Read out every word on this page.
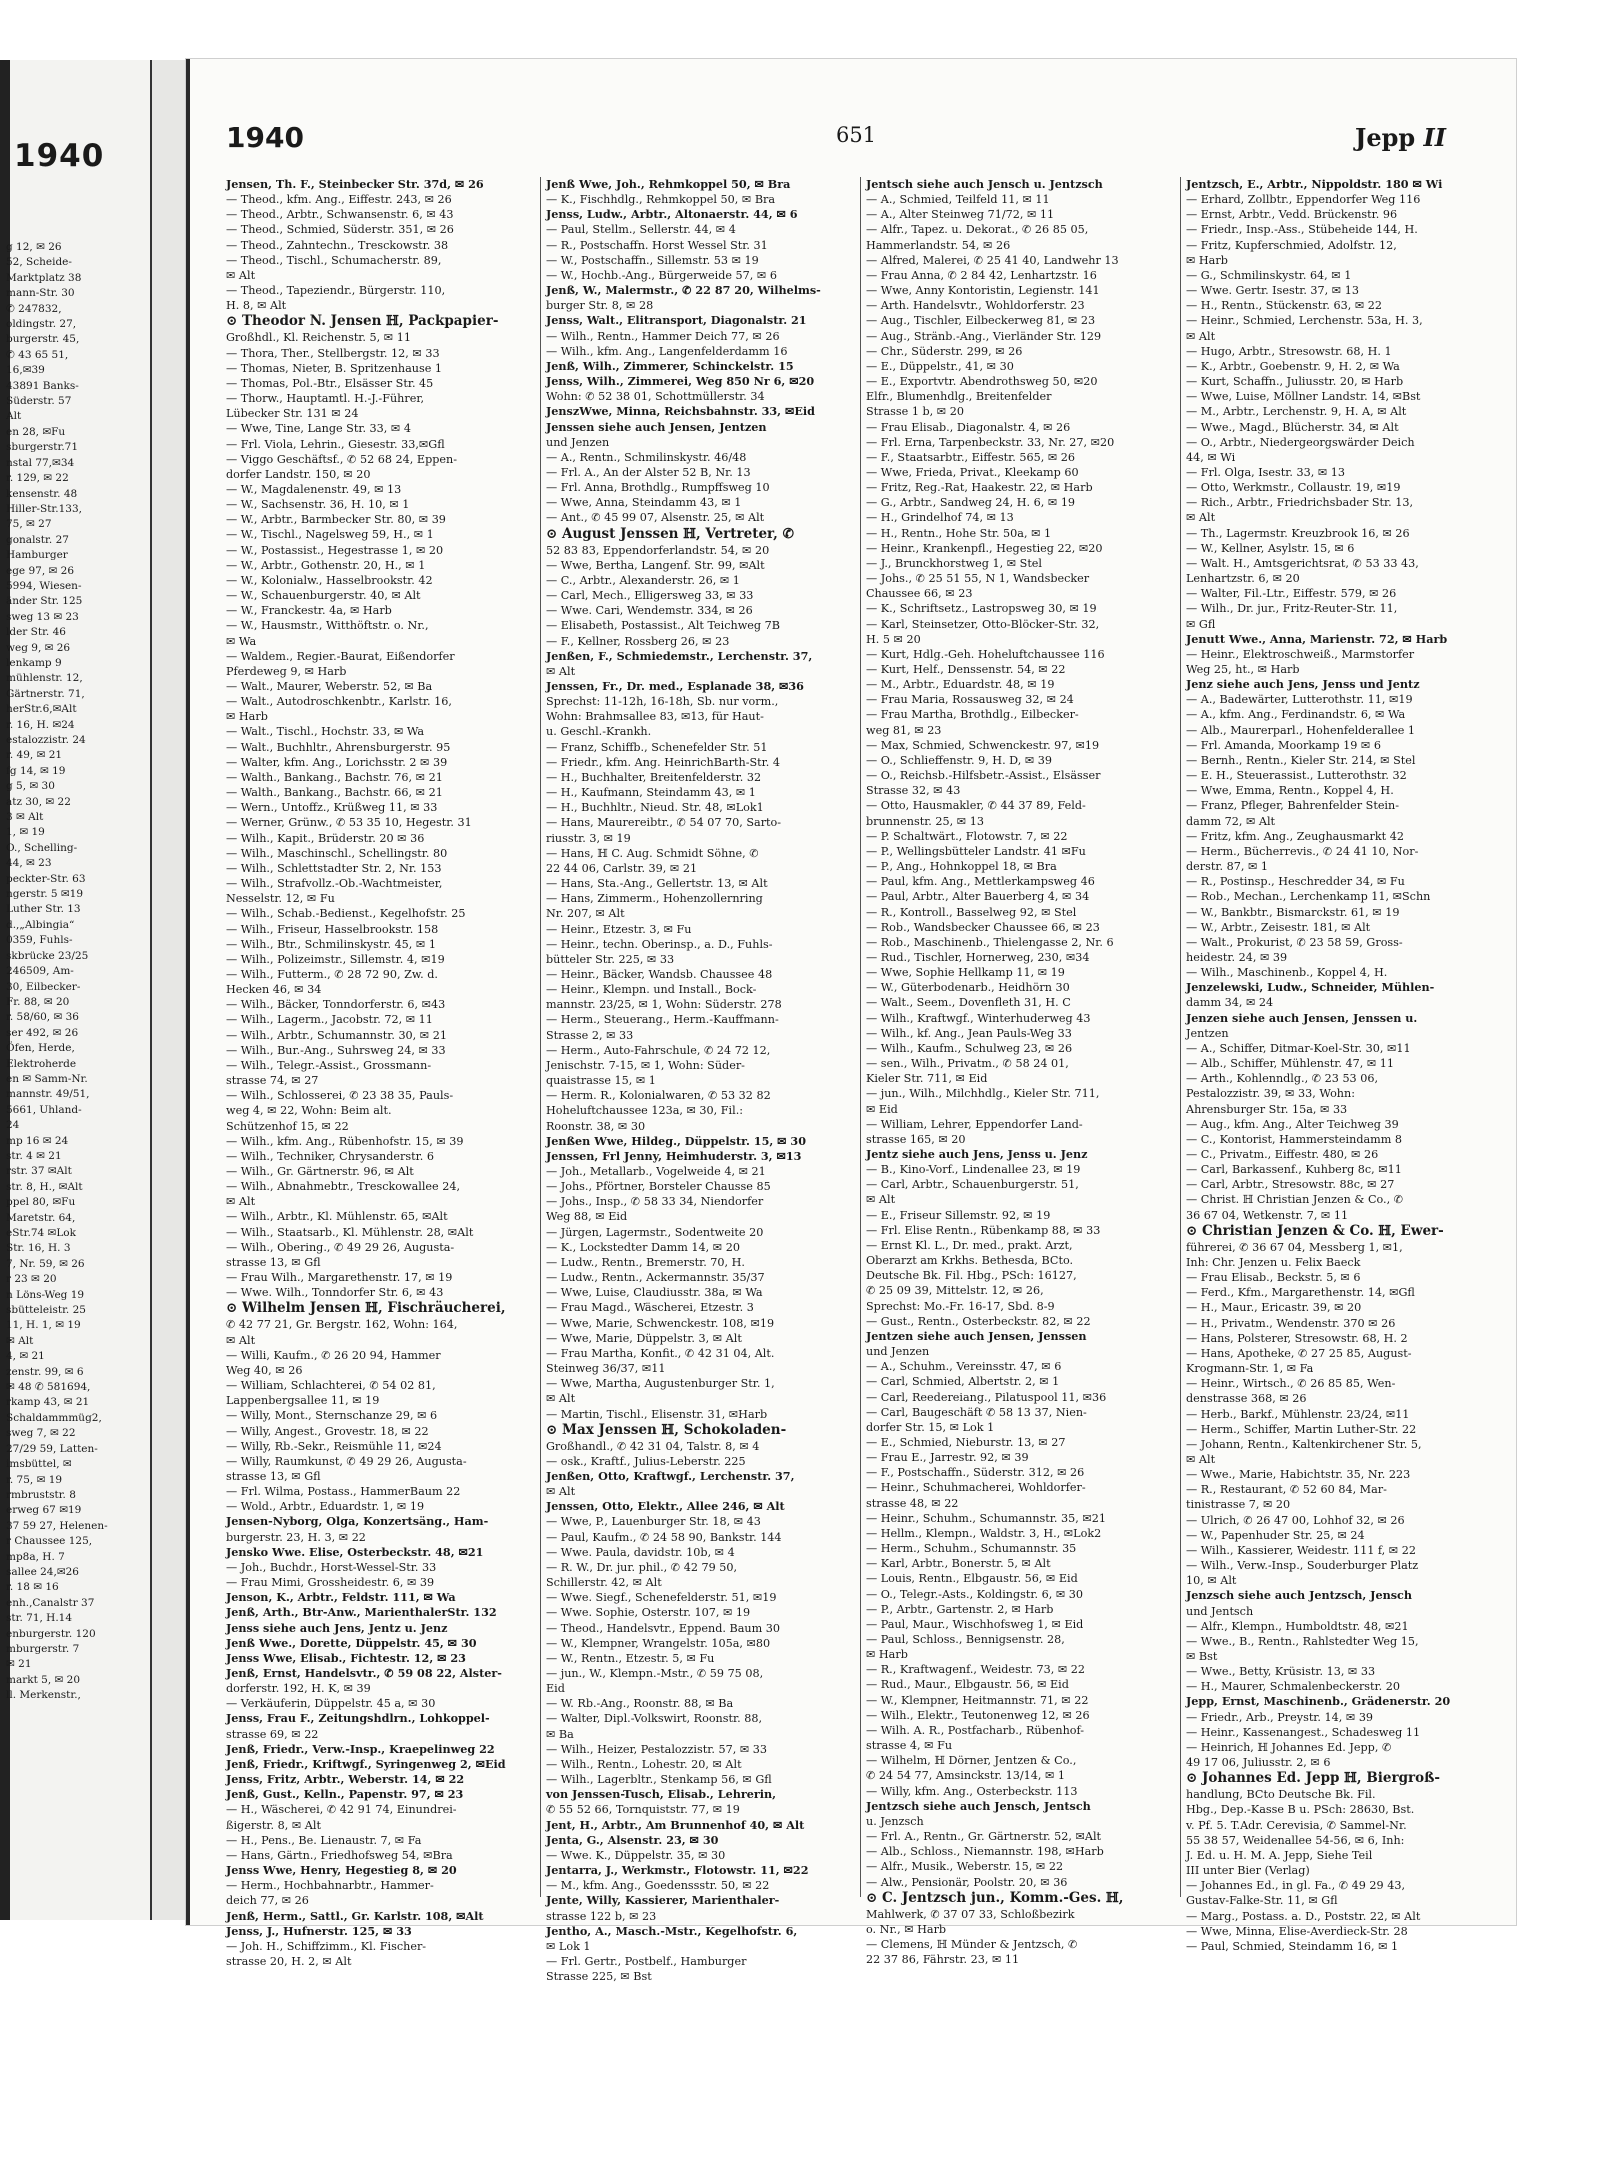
1940
g 12, ✉ 26
52, Scheide-
Marktplatz 38
mann-Str. 30
✆ 247832,
oldingstr. 27,
burgerstr. 45,
✆ 43 65 51,
16,✉39
43891 Banks-
Süderstr. 57
Alt
en 28, ✉Fu
sburgerstr.71
nstal 77,✉34
r. 129, ✉ 22
kensenstr. 48
Hiller-Str.133,
75, ✉ 27
gonalstr. 27
Hamburger
ege 97, ✉ 26
5994, Wiesen-
änder Str. 125
sweg 13 ✉ 23
lder Str. 46
weg 9, ✉ 26
lenkamp 9
mühlenstr. 12,
Gärtnerstr. 71,
herStr.6,✉Alt
r. 16, H. ✉24
estalozzistr. 24
r. 49, ✉ 21
fg 14, ✉ 19
g 5, ✉ 30
atz 30, ✉ 22
3 ✉ Alt
1, ✉ 19
O., Schelling-
44, ✉ 23
peckter-Str. 63
ngerstr. 5 ✉19
Luther Str. 13
d.,„Albingia“
0359, Fuhls-
skbrücke 23/25
246509, Am-
30, Eilbecker-
Fr. 88, ✉ 20
r. 58/60, ✉ 36
ser 492, ✉ 26
Öfen, Herde,
Elektroherde
en ✉ Samm-Nr.
mannstr. 49/51,
5661, Uhland-
24
mp 16 ✉ 24
str. 4 ✉ 21
rstr. 37 ✉Alt
str. 8, H., ✉Alt
ppel 80, ✉Fu
Maretstr. 64,
eStr.74 ✉Lok
Str. 16, H. 3
7, Nr. 59, ✉ 26
r 23 ✉ 20
n Löns-Weg 19
sbütteleistr. 25
11, H. 1, ✉ 19
✉ Alt
4, ✉ 21
zenstr. 99, ✉ 6
✉ 48 ✆ 581694,
rkamp 43, ✉ 21
Schaldammmüg2,
sweg 7, ✉ 22
27/29 59, Latten-
imsbüttel, ✉
r. 75, ✉ 19
rmbruststr. 8
erweg 67 ✉19
37 59 27, Helenen-
r Chaussee 125,
mp8a, H. 7
sallee 24,✉26
r. 18 ✉ 16
enh.,Canalstr 37
str. 71, H.14
enburgerstr. 120
mburgerstr. 7
✉ 21
markt 5, ✉ 20
ll. Merkenstr.,
1940	651	Jepp II
Jensen, Th. F., Steinbecker Str. 37d, ✉ 26
— Theod., kfm. Ang., Eiffestr. 243, ✉ 26
— Theod., Arbtr., Schwansenstr. 6, ✉ 43
— Theod., Schmied, Süderstr. 351, ✉ 26
— Theod., Zahntechn., Tresckowstr. 38
— Theod., Tischl., Schumacherstr. 89,
✉ Alt
— Theod., Tapeziendr., Bürgerstr. 110,
H. 8, ✉ Alt
⊙ Theodor N. Jensen ℍ, Packpapier-
Großhdl., Kl. Reichenstr. 5, ✉ 11
— Thora, Ther., Stellbergstr. 12, ✉ 33
— Thomas, Nieter, B. Spritzenhause 1
— Thomas, Pol.-Btr., Elsässer Str. 45
— Thorw., Hauptamtl. H.-J.-Führer,
Lübecker Str. 131 ✉ 24
— Wwe, Tine, Lange Str. 33, ✉ 4
— Frl. Viola, Lehrin., Giesestr. 33,✉Gfl
— Viggo Geschäftsf., ✆ 52 68 24, Eppen-
dorfer Landstr. 150, ✉ 20
— W., Magdalenenstr. 49, ✉ 13
— W., Sachsenstr. 36, H. 10, ✉ 1
— W., Arbtr., Barmbecker Str. 80, ✉ 39
— W., Tischl., Nagelsweg 59, H., ✉ 1
— W., Postassist., Hegestrasse 1, ✉ 20
— W., Arbtr., Gothenstr. 20, H., ✉ 1
— W., Kolonialw., Hasselbrookstr. 42
— W., Schauenburgerstr. 40, ✉ Alt
— W., Franckestr. 4a, ✉ Harb
— W., Hausmstr., Witthöftstr. o. Nr.,
✉ Wa
— Waldem., Regier.-Baurat, Eißendorfer
Pferdeweg 9, ✉ Harb
— Walt., Maurer, Weberstr. 52, ✉ Ba
— Walt., Autodroschkenbtr., Karlstr. 16,
✉ Harb
— Walt., Tischl., Hochstr. 33, ✉ Wa
— Walt., Buchhltr., Ahrensburgerstr. 95
— Walter, kfm. Ang., Lorichsstr. 2 ✉ 39
— Walth., Bankang., Bachstr. 76, ✉ 21
— Walth., Bankang., Bachstr. 66, ✉ 21
— Wern., Untoffz., Krüßweg 11, ✉ 33
— Werner, Grünw., ✆ 53 35 10, Hegestr. 31
— Wilh., Kapit., Brüderstr. 20 ✉ 36
— Wilh., Maschinschl., Schellingstr. 80
— Wilh., Schlettstadter Str. 2, Nr. 153
— Wilh., Strafvollz.-Ob.-Wachtmeister,
Nesselstr. 12, ✉ Fu
— Wilh., Schab.-Bedienst., Kegelhofstr. 25
— Wilh., Friseur, Hasselbrookstr. 158
— Wilh., Btr., Schmilinskystr. 45, ✉ 1
— Wilh., Polizeimstr., Sillemstr. 4, ✉19
— Wilh., Futterm., ✆ 28 72 90, Zw. d.
Hecken 46, ✉ 34
— Wilh., Bäcker, Tonndorferstr. 6, ✉43
— Wilh., Lagerm., Jacobstr. 72, ✉ 11
— Wilh., Arbtr., Schumannstr. 30, ✉ 21
— Wilh., Bur.-Ang., Suhrsweg 24, ✉ 33
— Wilh., Telegr.-Assist., Grossmann-
strasse 74, ✉ 27
— Wilh., Schlosserei, ✆ 23 38 35, Pauls-
weg 4, ✉ 22, Wohn: Beim alt.
Schützenhof 15, ✉ 22
— Wilh., kfm. Ang., Rübenhofstr. 15, ✉ 39
— Wilh., Techniker, Chrysanderstr. 6
— Wilh., Gr. Gärtnerstr. 96, ✉ Alt
— Wilh., Abnahmebtr., Tresckowallee 24,
✉ Alt
— Wilh., Arbtr., Kl. Mühlenstr. 65, ✉Alt
— Wilh., Staatsarb., Kl. Mühlenstr. 28, ✉Alt
— Wilh., Obering., ✆ 49 29 26, Augusta-
strasse 13, ✉ Gfl
— Frau Wilh., Margarethenstr. 17, ✉ 19
— Wwe. Wilh., Tonndorfer Str. 6, ✉ 43
⊙ Wilhelm Jensen ℍ, Fischräucherei,
✆ 42 77 21, Gr. Bergstr. 162, Wohn: 164,
✉ Alt
— Willi, Kaufm., ✆ 26 20 94, Hammer
Weg 40, ✉ 26
— William, Schlachterei, ✆ 54 02 81,
Lappenbergsallee 11, ✉ 19
— Willy, Mont., Sternschanze 29, ✉ 6
— Willy, Angest., Grovestr. 18, ✉ 22
— Willy, Rb.-Sekr., Reismühle 11, ✉24
— Willy, Raumkunst, ✆ 49 29 26, Augusta-
strasse 13, ✉ Gfl
— Frl. Wilma, Postass., HammerBaum 22
— Wold., Arbtr., Eduardstr. 1, ✉ 19
Jensen-Nyborg, Olga, Konzertsäng., Ham-
burgerstr. 23, H. 3, ✉ 22
Jensko Wwe. Elise, Osterbeckstr. 48, ✉21
— Joh., Buchdr., Horst-Wessel-Str. 33
— Frau Mimi, Grossheidestr. 6, ✉ 39
Jenson, K., Arbtr., Feldstr. 111, ✉ Wa
Jenß, Arth., Btr-Anw., MarienthalerStr. 132
Jenss siehe auch Jens, Jentz u. Jenz
Jenß Wwe., Dorette, Düppelstr. 45, ✉ 30
Jenss Wwe, Elisab., Fichtestr. 12, ✉ 23
Jenß, Ernst, Handelsvtr., ✆ 59 08 22, Alster-
dorferstr. 192, H. K, ✉ 39
— Verkäuferin, Düppelstr. 45 a, ✉ 30
Jenss, Frau F., Zeitungshdlrn., Lohkoppel-
strasse 69, ✉ 22
Jenß, Friedr., Verw.-Insp., Kraepelinweg 22
Jenß, Friedr., Kriftwgf., Syringenweg 2, ✉Eid
Jenss, Fritz, Arbtr., Weberstr. 14, ✉ 22
Jenß, Gust., Kelln., Papenstr. 97, ✉ 23
— H., Wäscherei, ✆ 42 91 74, Einundrei-
ßigerstr. 8, ✉ Alt
— H., Pens., Be. Lienaustr. 7, ✉ Fa
— Hans, Gärtn., Friedhofsweg 54, ✉Bra
Jenss Wwe, Henry, Hegestieg 8, ✉ 20
— Herm., Hochbahnarbtr., Hammer-
deich 77, ✉ 26
Jenß, Herm., Sattl., Gr. Karlstr. 108, ✉Alt
Jenss, J., Hufnerstr. 125, ✉ 33
— Joh. H., Schiffzimm., Kl. Fischer-
strasse 20, H. 2, ✉ Alt
Jenß Wwe, Joh., Rehmkoppel 50, ✉ Bra
— K., Fischhdlg., Rehmkoppel 50, ✉ Bra
Jenss, Ludw., Arbtr., Altonaerstr. 44, ✉ 6
— Paul, Stellm., Sellerstr. 44, ✉ 4
— R., Postschaffn. Horst Wessel Str. 31
— W., Postschaffn., Sillemstr. 53 ✉ 19
— W., Hochb.-Ang., Bürgerweide 57, ✉ 6
Jenß, W., Malermstr., ✆ 22 87 20, Wilhelms-
burger Str. 8, ✉ 28
Jenss, Walt., Elitransport, Diagonalstr. 21
— Wilh., Rentn., Hammer Deich 77, ✉ 26
— Wilh., kfm. Ang., Langenfelderdamm 16
Jenß, Wilh., Zimmerer, Schinckelstr. 15
Jenss, Wilh., Zimmerei, Weg 850 Nr 6, ✉20
Wohn: ✆ 52 38 01, Schottmüllerstr. 34
JenszWwe, Minna, Reichsbahnstr. 33, ✉Eid
Jenssen siehe auch Jensen, Jentzen
und Jenzen
— A., Rentn., Schmilinskystr. 46/48
— Frl. A., An der Alster 52 B, Nr. 13
— Frl. Anna, Brothdlg., Rumpffsweg 10
— Wwe, Anna, Steindamm 43, ✉ 1
— Ant., ✆ 45 99 07, Alsenstr. 25, ✉ Alt
⊙ August Jenssen ℍ, Vertreter, ✆
52 83 83, Eppendorferlandstr. 54, ✉ 20
— Wwe, Bertha, Langenf. Str. 99, ✉Alt
— C., Arbtr., Alexanderstr. 26, ✉ 1
— Carl, Mech., Elligersweg 33, ✉ 33
— Wwe. Cari, Wendemstr. 334, ✉ 26
— Elisabeth, Postassist., Alt Teichweg 7B
— F., Kellner, Rossberg 26, ✉ 23
Jenßen, F., Schmiedemstr., Lerchenstr. 37,
✉ Alt
Jenssen, Fr., Dr. med., Esplanade 38, ✉36
Sprechst: 11-12h, 16-18h, Sb. nur vorm.,
Wohn: Brahmsallee 83, ✉13, für Haut-
u. Geschl.-Krankh.
— Franz, Schiffb., Schenefelder Str. 51
— Friedr., kfm. Ang. HeinrichBarth-Str. 4
— H., Buchhalter, Breitenfelderstr. 32
— H., Kaufmann, Steindamm 43, ✉ 1
— H., Buchhltr., Nieud. Str. 48, ✉Lok1
— Hans, Maurereibtr., ✆ 54 07 70, Sarto-
riusstr. 3, ✉ 19
— Hans, ℍ C. Aug. Schmidt Söhne, ✆
22 44 06, Carlstr. 39, ✉ 21
— Hans, Sta.-Ang., Gellertstr. 13, ✉ Alt
— Hans, Zimmerm., Hohenzollernring
Nr. 207, ✉ Alt
— Heinr., Etzestr. 3, ✉ Fu
— Heinr., techn. Oberinsp., a. D., Fuhls-
bütteler Str. 225, ✉ 33
— Heinr., Bäcker, Wandsb. Chaussee 48
— Heinr., Klempn. und Install., Bock-
mannstr. 23/25, ✉ 1, Wohn: Süderstr. 278
— Herm., Steuerang., Herm.-Kauffmann-
Strasse 2, ✉ 33
— Herm., Auto-Fahrschule, ✆ 24 72 12,
Jenischstr. 7-15, ✉ 1, Wohn: Süder-
quaistrasse 15, ✉ 1
— Herm. R., Kolonialwaren, ✆ 53 32 82
Hoheluftchaussee 123a, ✉ 30, Fil.:
Roonstr. 38, ✉ 30
Jenßen Wwe, Hildeg., Düppelstr. 15, ✉ 30
Jenssen, Frl Jenny, Heimhuderstr. 3, ✉13
— Joh., Metallarb., Vogelweide 4, ✉ 21
— Johs., Pförtner, Borsteler Chausse 85
— Johs., Insp., ✆ 58 33 34, Niendorfer
Weg 88, ✉ Eid
— Jürgen, Lagermstr., Sodentweite 20
— K., Lockstedter Damm 14, ✉ 20
— Ludw., Rentn., Bremerstr. 70, H.
— Ludw., Rentn., Ackermannstr. 35/37
— Wwe, Luise, Claudiusstr. 38a, ✉ Wa
— Frau Magd., Wäscherei, Etzestr. 3
— Wwe, Marie, Schwenckestr. 108, ✉19
— Wwe, Marie, Düppelstr. 3, ✉ Alt
— Frau Martha, Konfit., ✆ 42 31 04, Alt.
Steinweg 36/37, ✉11
— Wwe, Martha, Augustenburger Str. 1,
✉ Alt
— Martin, Tischl., Elisenstr. 31, ✉Harb
⊙ Max Jenssen ℍ, Schokoladen-
Großhandl., ✆ 42 31 04, Talstr. 8, ✉ 4
— osk., Kraftf., Julius-Leberstr. 225
Jenßen, Otto, Kraftwgf., Lerchenstr. 37,
✉ Alt
Jenssen, Otto, Elektr., Allee 246, ✉ Alt
— Wwe, P., Lauenburger Str. 18, ✉ 43
— Paul, Kaufm., ✆ 24 58 90, Bankstr. 144
— Wwe. Paula, davidstr. 10b, ✉ 4
— R. W., Dr. jur. phil., ✆ 42 79 50,
Schillerstr. 42, ✉ Alt
— Wwe. Siegf., Schenefelderstr. 51, ✉19
— Wwe. Sophie, Osterstr. 107, ✉ 19
— Theod., Handelsvtr., Eppend. Baum 30
— W., Klempner, Wrangelstr. 105a, ✉80
— W., Rentn., Etzestr. 5, ✉ Fu
— jun., W., Klempn.-Mstr., ✆ 59 75 08,
Eid
— W. Rb.-Ang., Roonstr. 88, ✉ Ba
— Walter, Dipl.-Volkswirt, Roonstr. 88,
✉ Ba
— Wilh., Heizer, Pestalozzistr. 57, ✉ 33
— Wilh., Rentn., Lohestr. 20, ✉ Alt
— Wilh., Lagerbltr., Stenkamp 56, ✉ Gfl
von Jenssen-Tusch, Elisab., Lehrerin,
✆ 55 52 66, Tornquiststr. 77, ✉ 19
Jent, H., Arbtr., Am Brunnenhof 40, ✉ Alt
Jenta, G., Alsenstr. 23, ✉ 30
— Wwe. K., Düppelstr. 35, ✉ 30
Jentarra, J., Werkmstr., Flotowstr. 11, ✉22
— M., kfm. Ang., Goedenssstr. 50, ✉ 22
Jente, Willy, Kassierer, Marienthaler-
strasse 122 b, ✉ 23
Jentho, A., Masch.-Mstr., Kegelhofstr. 6,
✉ Lok 1
— Frl. Gertr., Postbelf., Hamburger
Strasse 225, ✉ Bst
Jentsch siehe auch Jensch u. Jentzsch
— A., Schmied, Teilfeld 11, ✉ 11
— A., Alter Steinweg 71/72, ✉ 11
— Alfr., Tapez. u. Dekorat., ✆ 26 85 05,
Hammerlandstr. 54, ✉ 26
— Alfred, Malerei, ✆ 25 41 40, Landwehr 13
— Frau Anna, ✆ 2 84 42, Lenhartzstr. 16
— Wwe, Anny Kontoristin, Legienstr. 141
— Arth. Handelsvtr., Wohldorferstr. 23
— Aug., Tischler, Eilbeckerweg 81, ✉ 23
— Aug., Stränb.-Ang., Vierländer Str. 129
— Chr., Süderstr. 299, ✉ 26
— E., Düppelstr., 41, ✉ 30
— E., Exportvtr. Abendrothsweg 50, ✉20
Elfr., Blumenhdlg., Breitenfelder
Strasse 1 b, ✉ 20
— Frau Elisab., Diagonalstr. 4, ✉ 26
— Frl. Erna, Tarpenbeckstr. 33, Nr. 27, ✉20
— F., Staatsarbtr., Eiffestr. 565, ✉ 26
— Wwe, Frieda, Privat., Kleekamp 60
— Fritz, Reg.-Rat, Haakestr. 22, ✉ Harb
— G., Arbtr., Sandweg 24, H. 6, ✉ 19
— H., Grindelhof 74, ✉ 13
— H., Rentn., Hohe Str. 50a, ✉ 1
— Heinr., Krankenpfl., Hegestieg 22, ✉20
— J., Brunckhorstweg 1, ✉ Stel
— Johs., ✆ 25 51 55, N 1, Wandsbecker
Chaussee 66, ✉ 23
— K., Schriftsetz., Lastropsweg 30, ✉ 19
— Karl, Steinsetzer, Otto-Blöcker-Str. 32,
H. 5 ✉ 20
— Kurt, Hdlg.-Geh. Hoheluftchaussee 116
— Kurt, Helf., Denssenstr. 54, ✉ 22
— M., Arbtr., Eduardstr. 48, ✉ 19
— Frau Maria, Rossausweg 32, ✉ 24
— Frau Martha, Brothdlg., Eilbecker-
weg 81, ✉ 23
— Max, Schmied, Schwenckestr. 97, ✉19
— O., Schlieffenstr. 9, H. D, ✉ 39
— O., Reichsb.-Hilfsbetr.-Assist., Elsässer
Strasse 32, ✉ 43
— Otto, Hausmakler, ✆ 44 37 89, Feld-
brunnenstr. 25, ✉ 13
— P. Schaltwärt., Flotowstr. 7, ✉ 22
— P., Wellingsbütteler Landstr. 41 ✉Fu
— P., Ang., Hohnkoppel 18, ✉ Bra
— Paul, kfm. Ang., Mettlerkampsweg 46
— Paul, Arbtr., Alter Bauerberg 4, ✉ 34
— R., Kontroll., Basselweg 92, ✉ Stel
— Rob., Wandsbecker Chaussee 66, ✉ 23
— Rob., Maschinenb., Thielengasse 2, Nr. 6
— Rud., Tischler, Hornerweg, 230, ✉34
— Wwe, Sophie Hellkamp 11, ✉ 19
— W., Güterbodenarb., Heidhörn 30
— Walt., Seem., Dovenfleth 31, H. C
— Wilh., Kraftwgf., Winterhuderweg 43
— Wilh., kf. Ang., Jean Pauls-Weg 33
— Wilh., Kaufm., Schulweg 23, ✉ 26
— sen., Wilh., Privatm., ✆ 58 24 01,
Kieler Str. 711, ✉ Eid
— jun., Wilh., Milchhdlg., Kieler Str. 711,
✉ Eid
— William, Lehrer, Eppendorfer Land-
strasse 165, ✉ 20
Jentz siehe auch Jens, Jenss u. Jenz
— B., Kino-Vorf., Lindenallee 23, ✉ 19
— Carl, Arbtr., Schauenburgerstr. 51,
✉ Alt
— E., Friseur Sillemstr. 92, ✉ 19
— Frl. Elise Rentn., Rübenkamp 88, ✉ 33
— Ernst Kl. L., Dr. med., prakt. Arzt,
Oberarzt am Krkhs. Bethesda, BCto.
Deutsche Bk. Fil. Hbg., PSch: 16127,
✆ 25 09 39, Mittelstr. 12, ✉ 26,
Sprechst: Mo.-Fr. 16-17, Sbd. 8-9
— Gust., Rentn., Osterbeckstr. 82, ✉ 22
Jentzen siehe auch Jensen, Jenssen
und Jenzen
— A., Schuhm., Vereinsstr. 47, ✉ 6
— Carl, Schmied, Albertstr. 2, ✉ 1
— Carl, Reedereiang., Pilatuspool 11, ✉36
— Carl, Baugeschäft ✆ 58 13 37, Nien-
dorfer Str. 15, ✉ Lok 1
— E., Schmied, Nieburstr. 13, ✉ 27
— Frau E., Jarrestr. 92, ✉ 39
— F., Postschaffn., Süderstr. 312, ✉ 26
— Heinr., Schuhmacherei, Wohldorfer-
strasse 48, ✉ 22
— Heinr., Schuhm., Schumannstr. 35, ✉21
— Hellm., Klempn., Waldstr. 3, H., ✉Lok2
— Herm., Schuhm., Schumannstr. 35
— Karl, Arbtr., Bonerstr. 5, ✉ Alt
— Louis, Rentn., Elbgaustr. 56, ✉ Eid
— O., Telegr.-Asts., Koldingstr. 6, ✉ 30
— P., Arbtr., Gartenstr. 2, ✉ Harb
— Paul, Maur., Wischhofsweg 1, ✉ Eid
— Paul, Schloss., Bennigsenstr. 28,
✉ Harb
— R., Kraftwagenf., Weidestr. 73, ✉ 22
— Rud., Maur., Elbgaustr. 56, ✉ Eid
— W., Klempner, Heitmannstr. 71, ✉ 22
— Wilh., Elektr., Teutonenweg 12, ✉ 26
— Wilh. A. R., Postfacharb., Rübenhof-
strasse 4, ✉ Fu
— Wilhelm, ℍ Dörner, Jentzen & Co.,
✆ 24 54 77, Amsinckstr. 13/14, ✉ 1
— Willy, kfm. Ang., Osterbeckstr. 113
Jentzsch siehe auch Jensch, Jentsch
u. Jenzsch
— Frl. A., Rentn., Gr. Gärtnerstr. 52, ✉Alt
— Alb., Schloss., Niemannstr. 198, ✉Harb
— Alfr., Musik., Weberstr. 15, ✉ 22
— Alw., Pensionär, Poolstr. 20, ✉ 36
⊙ C. Jentzsch jun., Komm.-Ges. ℍ,
Mahlwerk, ✆ 37 07 33, Schloßbezirk
o. Nr., ✉ Harb
— Clemens, ℍ Münder & Jentzsch, ✆
22 37 86, Fährstr. 23, ✉ 11
Jentzsch, E., Arbtr., Nippoldstr. 180 ✉ Wi
— Erhard, Zollbtr., Eppendorfer Weg 116
— Ernst, Arbtr., Vedd. Brückenstr. 96
— Friedr., Insp.-Ass., Stübeheide 144, H.
— Fritz, Kupferschmied, Adolfstr. 12,
✉ Harb
— G., Schmilinskystr. 64, ✉ 1
— Wwe. Gertr. Isestr. 37, ✉ 13
— H., Rentn., Stückenstr. 63, ✉ 22
— Heinr., Schmied, Lerchenstr. 53a, H. 3,
✉ Alt
— Hugo, Arbtr., Stresowstr. 68, H. 1
— K., Arbtr., Goebenstr. 9, H. 2, ✉ Wa
— Kurt, Schaffn., Juliusstr. 20, ✉ Harb
— Wwe, Luise, Möllner Landstr. 14, ✉Bst
— M., Arbtr., Lerchenstr. 9, H. A, ✉ Alt
— Wwe., Magd., Blücherstr. 34, ✉ Alt
— O., Arbtr., Niedergeorgswärder Deich
44, ✉ Wi
— Frl. Olga, Isestr. 33, ✉ 13
— Otto, Werkmstr., Collaustr. 19, ✉19
— Rich., Arbtr., Friedrichsbader Str. 13,
✉ Alt
— Th., Lagermstr. Kreuzbrook 16, ✉ 26
— W., Kellner, Asylstr. 15, ✉ 6
— Walt. H., Amtsgerichtsrat, ✆ 53 33 43,
Lenhartzstr. 6, ✉ 20
— Walter, Fil.-Ltr., Eiffestr. 579, ✉ 26
— Wilh., Dr. jur., Fritz-Reuter-Str. 11,
✉ Gfl
Jenutt Wwe., Anna, Marienstr. 72, ✉ Harb
— Heinr., Elektroschweiß., Marmstorfer
Weg 25, ht., ✉ Harb
Jenz siehe auch Jens, Jenss und Jentz
— A., Badewärter, Lutterothstr. 11, ✉19
— A., kfm. Ang., Ferdinandstr. 6, ✉ Wa
— Alb., Maurerparl., Hohenfelderallee 1
— Frl. Amanda, Moorkamp 19 ✉ 6
— Bernh., Rentn., Kieler Str. 214, ✉ Stel
— E. H., Steuerassist., Lutterothstr. 32
— Wwe, Emma, Rentn., Koppel 4, H.
— Franz, Pfleger, Bahrenfelder Stein-
damm 72, ✉ Alt
— Fritz, kfm. Ang., Zeughausmarkt 42
— Herm., Bücherrevis., ✆ 24 41 10, Nor-
derstr. 87, ✉ 1
— R., Postinsp., Heschredder 34, ✉ Fu
— Rob., Mechan., Lerchenkamp 11, ✉Schn
— W., Bankbtr., Bismarckstr. 61, ✉ 19
— W., Arbtr., Zeisestr. 181, ✉ Alt
— Walt., Prokurist, ✆ 23 58 59, Gross-
heidestr. 24, ✉ 39
— Wilh., Maschinenb., Koppel 4, H.
Jenzelewski, Ludw., Schneider, Mühlen-
damm 34, ✉ 24
Jenzen siehe auch Jensen, Jenssen u.
Jentzen
— A., Schiffer, Ditmar-Koel-Str. 30, ✉11
— Alb., Schiffer, Mühlenstr. 47, ✉ 11
— Arth., Kohlenndlg., ✆ 23 53 06,
Pestalozzistr. 39, ✉ 33, Wohn:
Ahrensburger Str. 15a, ✉ 33
— Aug., kfm. Ang., Alter Teichweg 39
— C., Kontorist, Hammersteindamm 8
— C., Privatm., Eiffestr. 480, ✉ 26
— Carl, Barkassenf., Kuhberg 8c, ✉11
— Carl, Arbtr., Stresowstr. 88c, ✉ 27
— Christ. ℍ Christian Jenzen & Co., ✆
36 67 04, Wetkenstr. 7, ✉ 11
⊙ Christian Jenzen & Co. ℍ, Ewer-
führerei, ✆ 36 67 04, Messberg 1, ✉1,
Inh: Chr. Jenzen u. Felix Baeck
— Frau Elisab., Beckstr. 5, ✉ 6
— Ferd., Kfm., Margarethenstr. 14, ✉Gfl
— H., Maur., Ericastr. 39, ✉ 20
— H., Privatm., Wendenstr. 370 ✉ 26
— Hans, Polsterer, Stresowstr. 68, H. 2
— Hans, Apotheke, ✆ 27 25 85, August-
Krogmann-Str. 1, ✉ Fa
— Heinr., Wirtsch., ✆ 26 85 85, Wen-
denstrasse 368, ✉ 26
— Herb., Barkf., Mühlenstr. 23/24, ✉11
— Herm., Schiffer, Martin Luther-Str. 22
— Johann, Rentn., Kaltenkirchener Str. 5,
✉ Alt
— Wwe., Marie, Habichtstr. 35, Nr. 223
— R., Restaurant, ✆ 52 60 84, Mar-
tinistrasse 7, ✉ 20
— Ulrich, ✆ 26 47 00, Lohhof 32, ✉ 26
— W., Papenhuder Str. 25, ✉ 24
— Wilh., Kassierer, Weidestr. 111 f, ✉ 22
— Wilh., Verw.-Insp., Souderburger Platz
10, ✉ Alt
Jenzsch siehe auch Jentzsch, Jensch
und Jentsch
— Alfr., Klempn., Humboldtstr. 48, ✉21
— Wwe., B., Rentn., Rahlstedter Weg 15,
✉ Bst
— Wwe., Betty, Krüsistr. 13, ✉ 33
— H., Maurer, Schmalenbeckerstr. 20
Jepp, Ernst, Maschinenb., Grädenerstr. 20
— Friedr., Arb., Preystr. 14, ✉ 39
— Heinr., Kassenangest., Schadesweg 11
— Heinrich, ℍ Johannes Ed. Jepp, ✆
49 17 06, Juliusstr. 2, ✉ 6
⊙ Johannes Ed. Jepp ℍ, Biergroß-
handlung, BCto Deutsche Bk. Fil.
Hbg., Dep.-Kasse B u. PSch: 28630, Bst.
v. Pf. 5. T.Adr. Cerevisia, ✆ Sammel-Nr.
55 38 57, Weidenallee 54-56, ✉ 6, Inh:
J. Ed. u. H. M. A. Jepp, Siehe Teil
III unter Bier (Verlag)
— Johannes Ed., in gl. Fa., ✆ 49 29 43,
Gustav-Falke-Str. 11, ✉ Gfl
— Marg., Postass. a. D., Poststr. 22, ✉ Alt
— Wwe, Minna, Elise-Averdieck-Str. 28
— Paul, Schmied, Steindamm 16, ✉ 1
